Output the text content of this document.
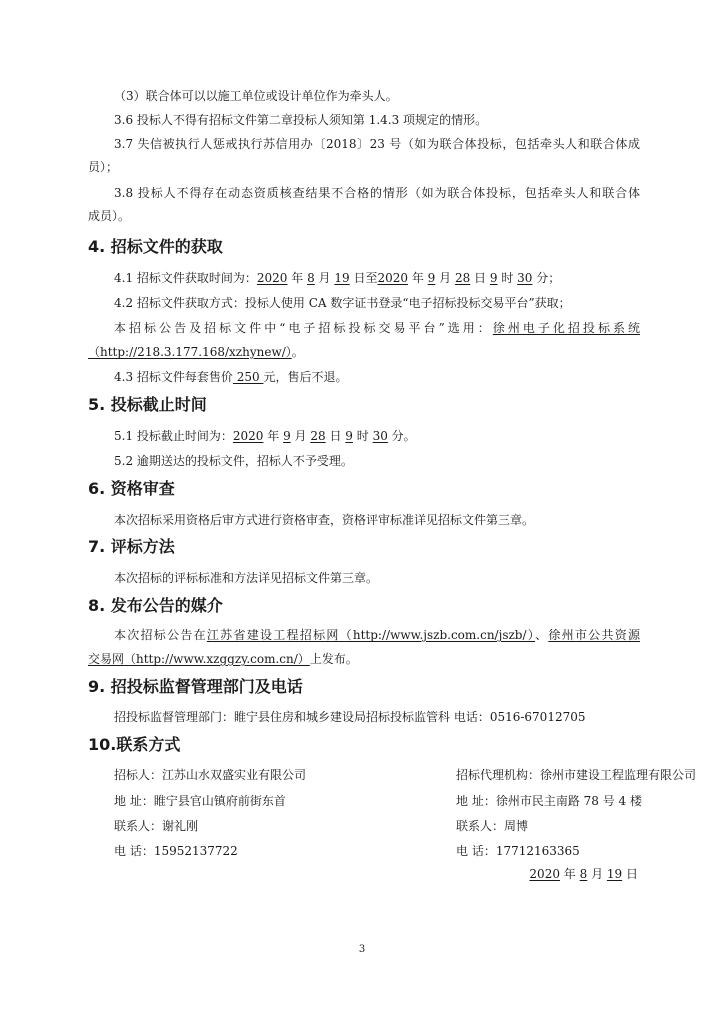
（3）联合体可以以施工单位或设计单位作为牵头人。
3.6 投标人不得有招标文件第二章投标人须知第 1.4.3 项规定的情形。
3.7 失信被执行人惩戒执行苏信用办〔2018〕23 号（如为联合体投标，包括牵头人和联合体成
员）；
3.8 投标人不得存在动态资质核查结果不合格的情形（如为联合体投标，包括牵头人和联合体
成员）。
4. 招标文件的获取
4.1 招标文件获取时间为：2020 年 8 月 19 日至2020 年 9 月 28 日 9 时 30 分；
4.2 招标文件获取方式：投标人使用 CA 数字证书登录“电子招标投标交易平台”获取；
本招标公告及招标文件中“电子招标投标交易平台”选用：徐州电子化招投标系统
（http://218.3.177.168/xzhynew/）。
4.3 招标文件每套售价 250 元，售后不退。
5. 投标截止时间
5.1 投标截止时间为：2020 年 9 月 28 日 9 时 30 分。
5.2 逾期送达的投标文件，招标人不予受理。
6. 资格审查
本次招标采用资格后审方式进行资格审查，资格评审标准详见招标文件第三章。
7. 评标方法
本次招标的评标标准和方法详见招标文件第三章。
8. 发布公告的媒介
本次招标公告在江苏省建设工程招标网（http://www.jszb.com.cn/jszb/）、徐州市公共资源
交易网（http://www.xzggzy.com.cn/）上发布。
9. 招投标监督管理部门及电话
招投标监督管理部门：睢宁县住房和城乡建设局招标投标监管科 电话：0516-67012705
10.联系方式
招标人：江苏山水双盛实业有限公司	招标代理机构：徐州市建设工程监理有限公司
地 址：睢宁县官山镇府前街东首	地 址：徐州市民主南路 78 号 4 楼
联系人：谢礼刚	联系人：周博
电 话：15952137722	电 话：17712163365
2020 年 8 月 19 日
3
